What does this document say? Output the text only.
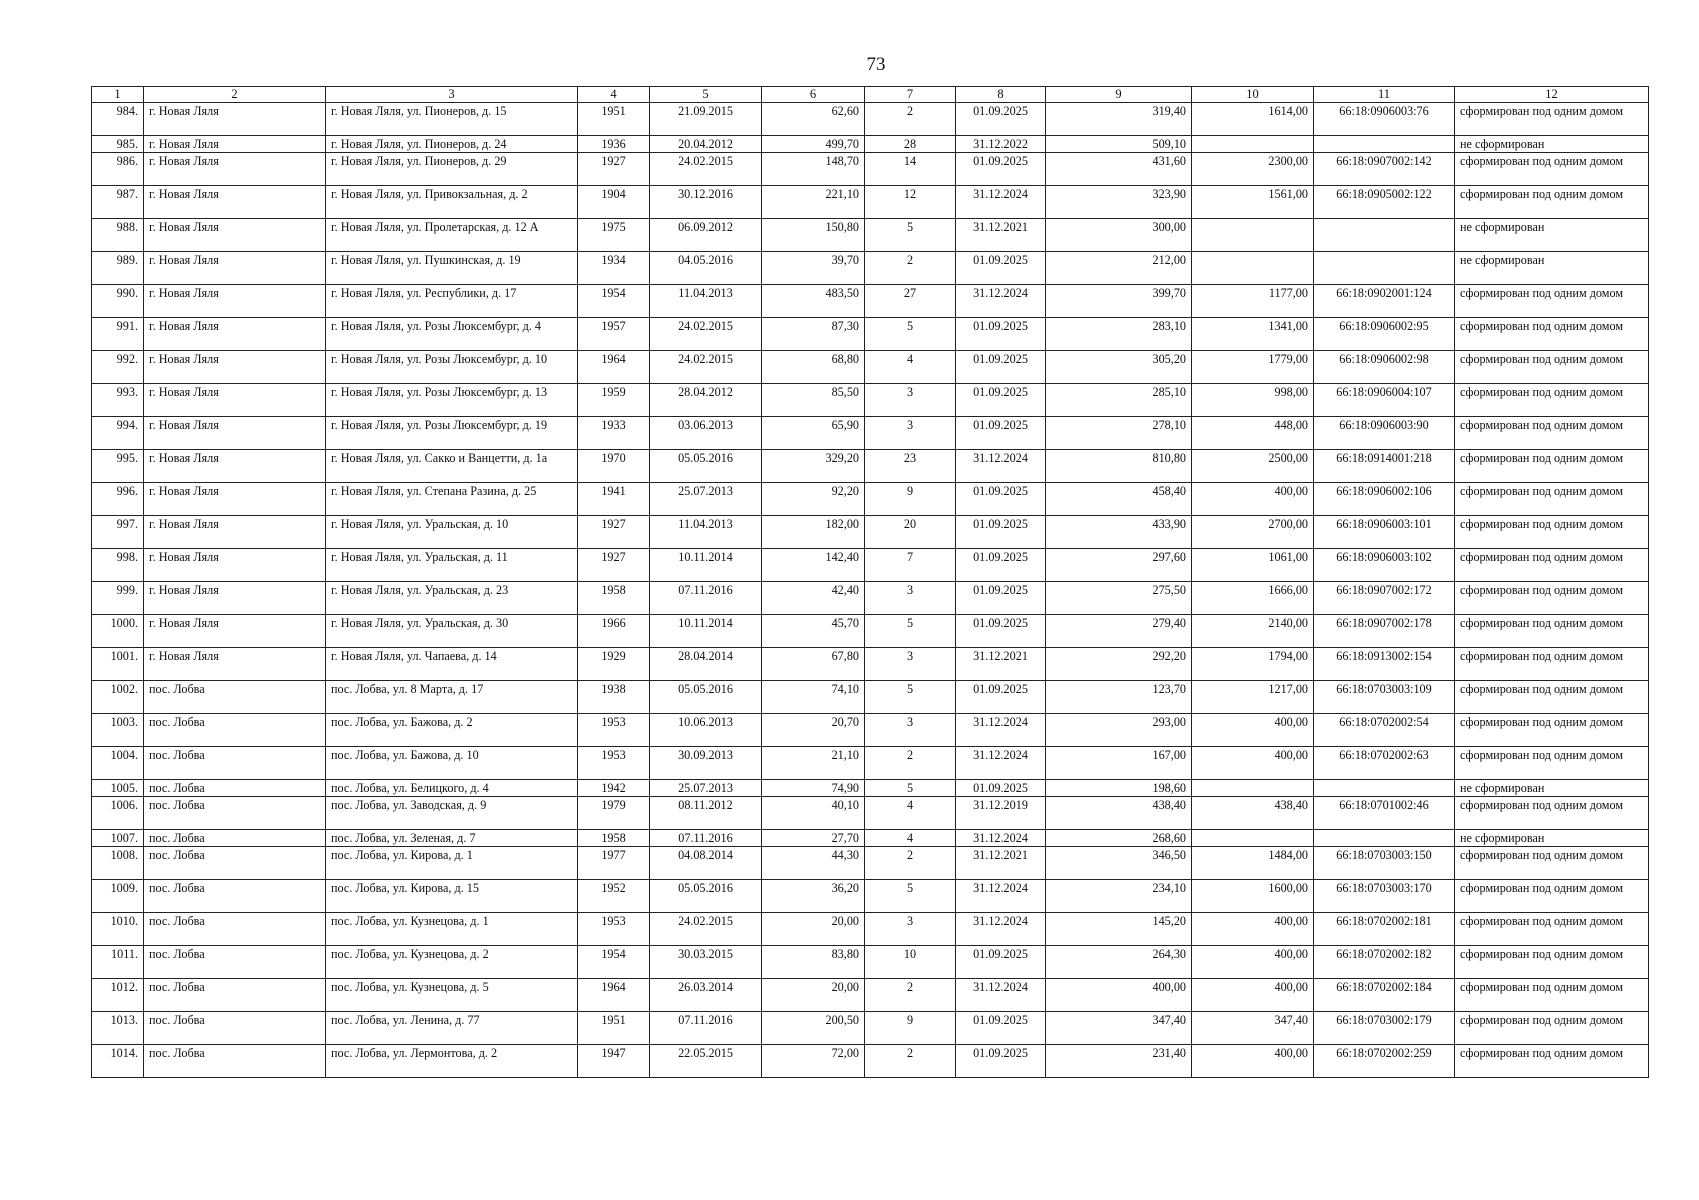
73
1	2	3	4	5	6	7	8	9	10	11	12
984.	г. Новая Ляля	г. Новая Ляля, ул. Пионеров, д. 15	1951	21.09.2015	62,60	2	01.09.2025	319,40	1614,00	66:18:0906003:76	сформирован под одним домом
985.	г. Новая Ляля	г. Новая Ляля, ул. Пионеров, д. 24	1936	20.04.2012	499,70	28	31.12.2022	509,10			не сформирован
986.	г. Новая Ляля	г. Новая Ляля, ул. Пионеров, д. 29	1927	24.02.2015	148,70	14	01.09.2025	431,60	2300,00	66:18:0907002:142	сформирован под одним домом
987.	г. Новая Ляля	г. Новая Ляля, ул. Привокзальная, д. 2	1904	30.12.2016	221,10	12	31.12.2024	323,90	1561,00	66:18:0905002:122	сформирован под одним домом
988.	г. Новая Ляля	г. Новая Ляля, ул. Пролетарская, д. 12 А	1975	06.09.2012	150,80	5	31.12.2021	300,00			не сформирован
989.	г. Новая Ляля	г. Новая Ляля, ул. Пушкинская, д. 19	1934	04.05.2016	39,70	2	01.09.2025	212,00			не сформирован
990.	г. Новая Ляля	г. Новая Ляля, ул. Республики, д. 17	1954	11.04.2013	483,50	27	31.12.2024	399,70	1177,00	66:18:0902001:124	сформирован под одним домом
991.	г. Новая Ляля	г. Новая Ляля, ул. Розы Люксембург, д. 4	1957	24.02.2015	87,30	5	01.09.2025	283,10	1341,00	66:18:0906002:95	сформирован под одним домом
992.	г. Новая Ляля	г. Новая Ляля, ул. Розы Люксембург, д. 10	1964	24.02.2015	68,80	4	01.09.2025	305,20	1779,00	66:18:0906002:98	сформирован под одним домом
993.	г. Новая Ляля	г. Новая Ляля, ул. Розы Люксембург, д. 13	1959	28.04.2012	85,50	3	01.09.2025	285,10	998,00	66:18:0906004:107	сформирован под одним домом
994.	г. Новая Ляля	г. Новая Ляля, ул. Розы Люксембург, д. 19	1933	03.06.2013	65,90	3	01.09.2025	278,10	448,00	66:18:0906003:90	сформирован под одним домом
995.	г. Новая Ляля	г. Новая Ляля, ул. Сакко и Ванцетти, д. 1а	1970	05.05.2016	329,20	23	31.12.2024	810,80	2500,00	66:18:0914001:218	сформирован под одним домом
996.	г. Новая Ляля	г. Новая Ляля, ул. Степана Разина, д. 25	1941	25.07.2013	92,20	9	01.09.2025	458,40	400,00	66:18:0906002:106	сформирован под одним домом
997.	г. Новая Ляля	г. Новая Ляля, ул. Уральская, д. 10	1927	11.04.2013	182,00	20	01.09.2025	433,90	2700,00	66:18:0906003:101	сформирован под одним домом
998.	г. Новая Ляля	г. Новая Ляля, ул. Уральская, д. 11	1927	10.11.2014	142,40	7	01.09.2025	297,60	1061,00	66:18:0906003:102	сформирован под одним домом
999.	г. Новая Ляля	г. Новая Ляля, ул. Уральская, д. 23	1958	07.11.2016	42,40	3	01.09.2025	275,50	1666,00	66:18:0907002:172	сформирован под одним домом
1000.	г. Новая Ляля	г. Новая Ляля, ул. Уральская, д. 30	1966	10.11.2014	45,70	5	01.09.2025	279,40	2140,00	66:18:0907002:178	сформирован под одним домом
1001.	г. Новая Ляля	г. Новая Ляля, ул. Чапаева, д. 14	1929	28.04.2014	67,80	3	31.12.2021	292,20	1794,00	66:18:0913002:154	сформирован под одним домом
1002.	пос. Лобва	пос. Лобва, ул. 8 Марта, д. 17	1938	05.05.2016	74,10	5	01.09.2025	123,70	1217,00	66:18:0703003:109	сформирован под одним домом
1003.	пос. Лобва	пос. Лобва, ул. Бажова, д. 2	1953	10.06.2013	20,70	3	31.12.2024	293,00	400,00	66:18:0702002:54	сформирован под одним домом
1004.	пос. Лобва	пос. Лобва, ул. Бажова, д. 10	1953	30.09.2013	21,10	2	31.12.2024	167,00	400,00	66:18:0702002:63	сформирован под одним домом
1005.	пос. Лобва	пос. Лобва, ул. Белицкого, д. 4	1942	25.07.2013	74,90	5	01.09.2025	198,60			не сформирован
1006.	пос. Лобва	пос. Лобва, ул. Заводская, д. 9	1979	08.11.2012	40,10	4	31.12.2019	438,40	438,40	66:18:0701002:46	сформирован под одним домом
1007.	пос. Лобва	пос. Лобва, ул. Зеленая, д. 7	1958	07.11.2016	27,70	4	31.12.2024	268,60			не сформирован
1008.	пос. Лобва	пос. Лобва, ул. Кирова, д. 1	1977	04.08.2014	44,30	2	31.12.2021	346,50	1484,00	66:18:0703003:150	сформирован под одним домом
1009.	пос. Лобва	пос. Лобва, ул. Кирова, д. 15	1952	05.05.2016	36,20	5	31.12.2024	234,10	1600,00	66:18:0703003:170	сформирован под одним домом
1010.	пос. Лобва	пос. Лобва, ул. Кузнецова, д. 1	1953	24.02.2015	20,00	3	31.12.2024	145,20	400,00	66:18:0702002:181	сформирован под одним домом
1011.	пос. Лобва	пос. Лобва, ул. Кузнецова, д. 2	1954	30.03.2015	83,80	10	01.09.2025	264,30	400,00	66:18:0702002:182	сформирован под одним домом
1012.	пос. Лобва	пос. Лобва, ул. Кузнецова, д. 5	1964	26.03.2014	20,00	2	31.12.2024	400,00	400,00	66:18:0702002:184	сформирован под одним домом
1013.	пос. Лобва	пос. Лобва, ул. Ленина, д. 77	1951	07.11.2016	200,50	9	01.09.2025	347,40	347,40	66:18:0703002:179	сформирован под одним домом
1014.	пос. Лобва	пос. Лобва, ул. Лермонтова, д. 2	1947	22.05.2015	72,00	2	01.09.2025	231,40	400,00	66:18:0702002:259	сформирован под одним домом
